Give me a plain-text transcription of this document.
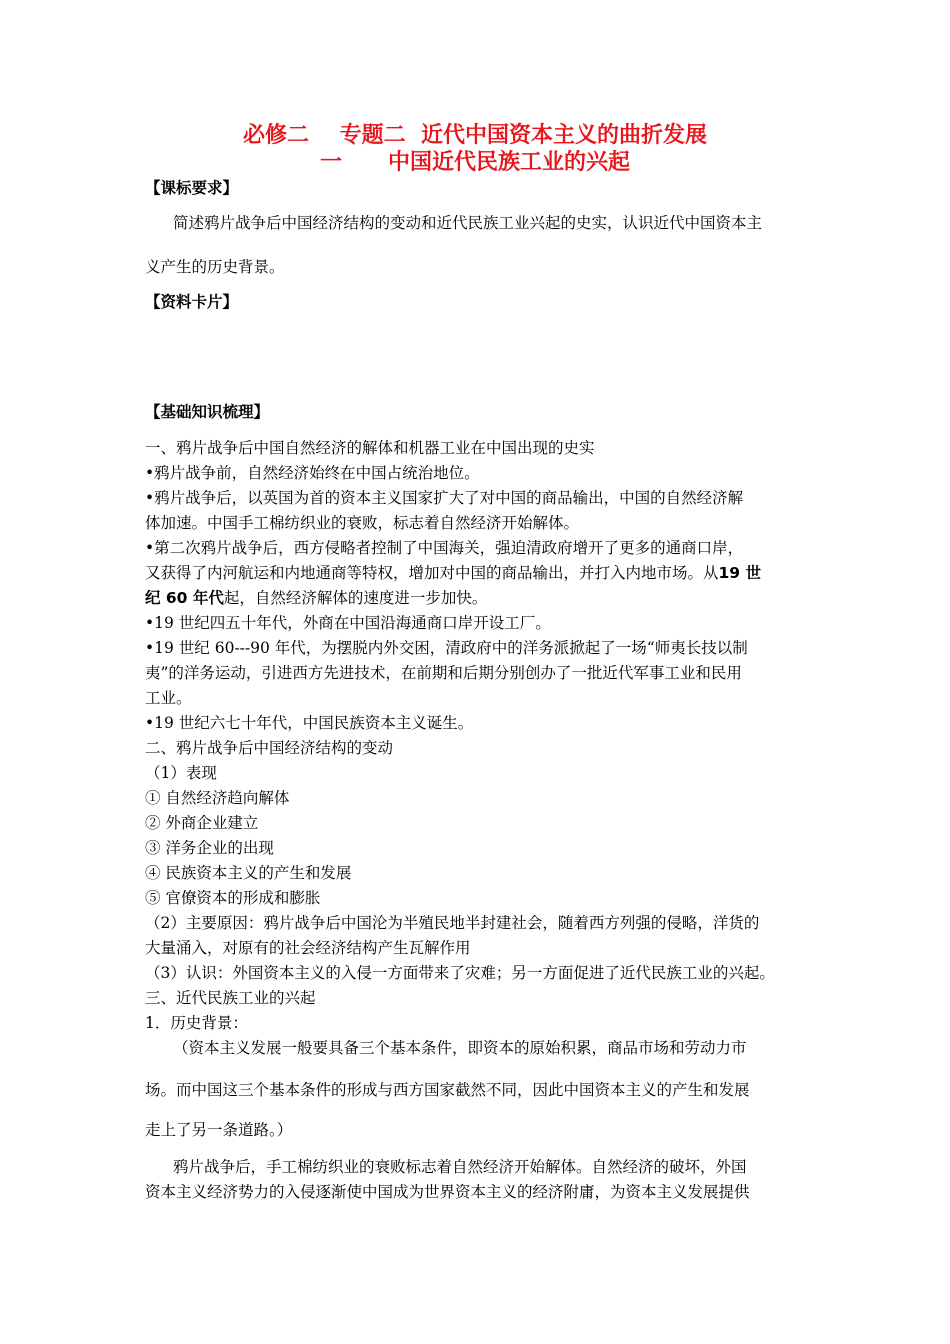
必修二    专题二  近代中国资本主义的曲折发展
一      中国近代民族工业的兴起
【课标要求】
简述鸦片战争后中国经济结构的变动和近代民族工业兴起的史实，认识近代中国资本主
义产生的历史背景。
【资料卡片】
【基础知识梳理】
一、鸦片战争后中国自然经济的解体和机器工业在中国出现的史实
•鸦片战争前，自然经济始终在中国占统治地位。
•鸦片战争后，以英国为首的资本主义国家扩大了对中国的商品输出，中国的自然经济解
体加速。中国手工棉纺织业的衰败，标志着自然经济开始解体。
•第二次鸦片战争后，西方侵略者控制了中国海关，强迫清政府增开了更多的通商口岸，
又获得了内河航运和内地通商等特权，增加对中国的商品输出，并打入内地市场。从19 世
纪 60 年代起，自然经济解体的速度进一步加快。
•19 世纪四五十年代，外商在中国沿海通商口岸开设工厂。
•19 世纪 60---90 年代，为摆脱内外交困，清政府中的洋务派掀起了一场“师夷长技以制
夷”的洋务运动，引进西方先进技术，在前期和后期分别创办了一批近代军事工业和民用
工业。
•19 世纪六七十年代，中国民族资本主义诞生。
二、鸦片战争后中国经济结构的变动
（1）表现
① 自然经济趋向解体
② 外商企业建立
③ 洋务企业的出现
④ 民族资本主义的产生和发展
⑤ 官僚资本的形成和膨胀
（2）主要原因：鸦片战争后中国沦为半殖民地半封建社会，随着西方列强的侵略，洋货的
大量涌入，对原有的社会经济结构产生瓦解作用
（3）认识：外国资本主义的入侵一方面带来了灾难；另一方面促进了近代民族工业的兴起。
三、近代民族工业的兴起
1．历史背景：
（资本主义发展一般要具备三个基本条件，即资本的原始积累，商品市场和劳动力市
场。而中国这三个基本条件的形成与西方国家截然不同，因此中国资本主义的产生和发展
走上了另一条道路。）
鸦片战争后，手工棉纺织业的衰败标志着自然经济开始解体。自然经济的破坏，外国
资本主义经济势力的入侵逐渐使中国成为世界资本主义的经济附庸，为资本主义发展提供
